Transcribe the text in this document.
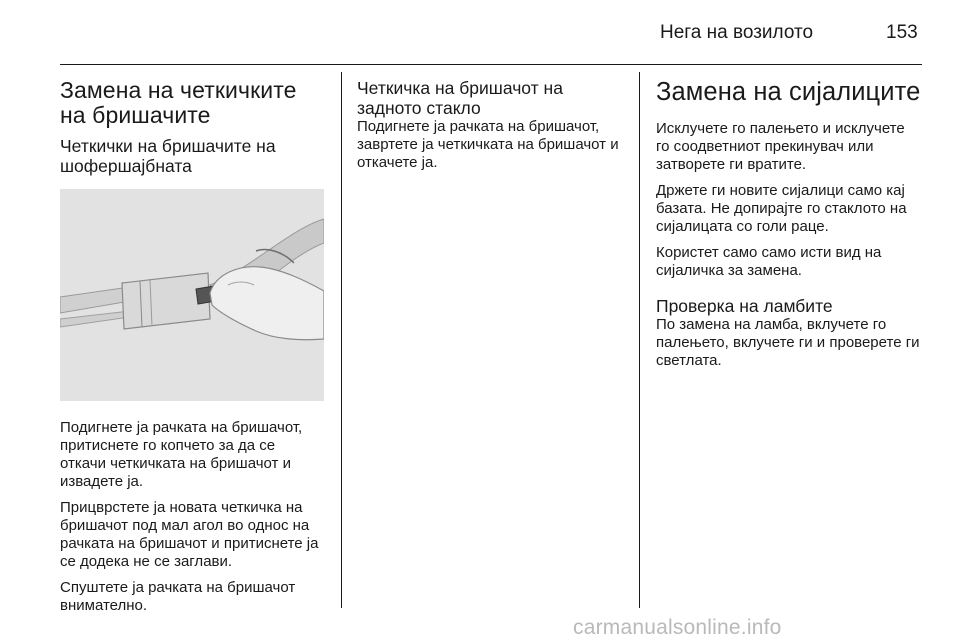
Нега на возилото	153
Замена на четкичките на бришачите
Четкички на бришачите на шофершајбната

Подигнете ја рачката на бришачот, притиснете го копчето за да се откачи четкичката на бришачот и извадете ја.

Прицврстете ја новата четкичка на бришачот под мал агол во однос на рачката на бришачот и притиснете ја се додека не се заглави.

Спуштете ја рачката на бришачот внимателно.

Четкичка на бришачот на задното стакло

Подигнете ја рачката на бришачот, завртете ја четкичката на бришачот и откачете ја.

Замена на сијалиците

Исклучете го палењето и исклучете го соодветниот прекинувач или затворете ги вратите.

Држете ги новите сијалици само кај базата. Не допирајте го стаклото на сијалицата со голи раце.

Користет само само исти вид на сијаличка за замена.

Проверка на ламбите

По замена на ламба, вклучете го палењето, вклучете ги и проверете ги светлата.

carmanualsonline.info
